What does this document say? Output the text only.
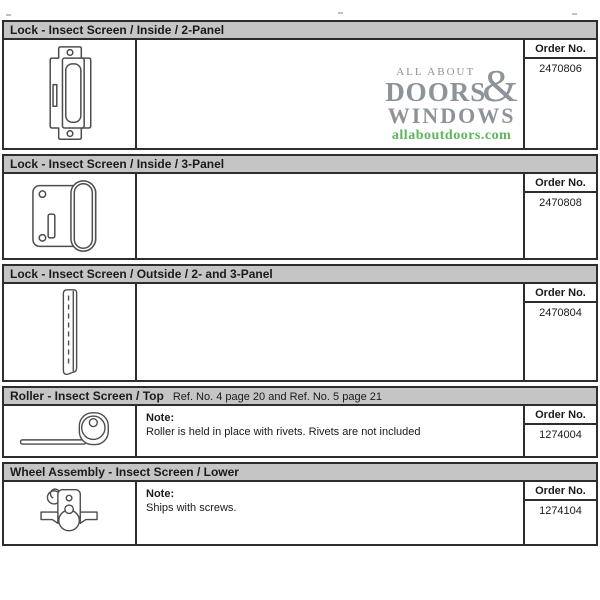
Lock - Insect Screen / Inside / 2-Panel
ALL ABOUT
DOORS
&
WINDOWS
allaboutdoors.com
Order No.
2470806
Lock - Insect Screen / Inside / 3-Panel
Order No.
2470808
Lock - Insect Screen / Outside / 2- and 3-Panel
Order No.
2470804
Roller - Insect Screen / Top Ref. No. 4 page 20 and Ref. No. 5 page 21
Note:
Roller is held in place with rivets. Rivets are not included
Order No.
1274004
Wheel Assembly - Insect Screen / Lower
Note:
Ships with screws.
Order No.
1274104
